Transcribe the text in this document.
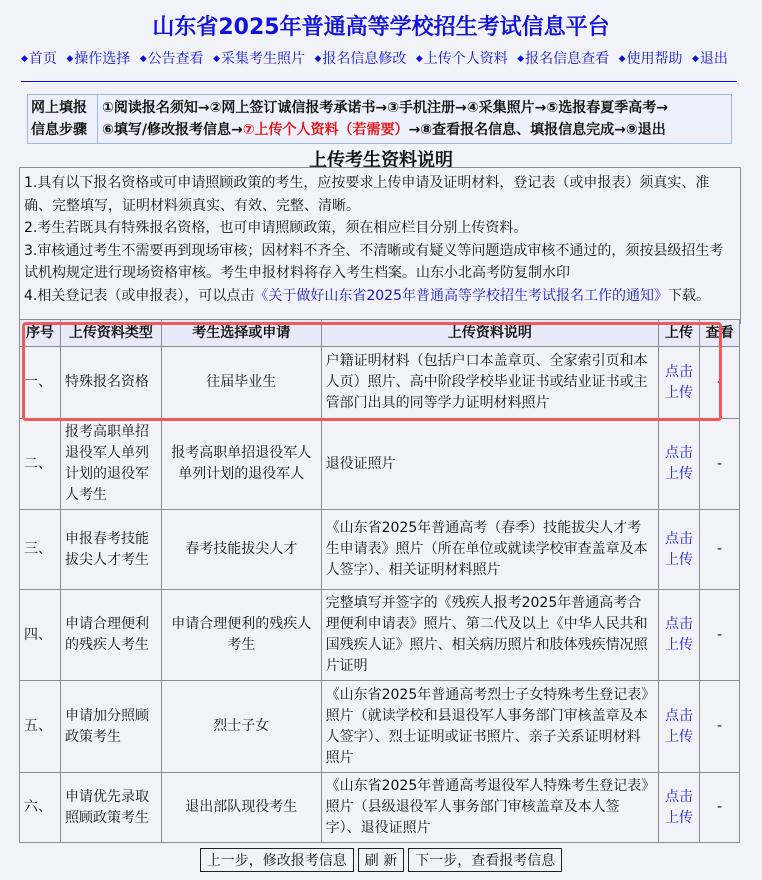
山东省2025年普通高等学校招生考试信息平台
◆首页 ◆操作选择 ◆公告查看 ◆采集考生照片 ◆报名信息修改 ◆上传个人资料 ◆报名信息查看 ◆使用帮助 ◆退出
网上填报
信息步骤
①阅读报名须知→②网上签订诚信报考承诺书→③手机注册→④采集照片→⑤选报春夏季高考→
⑥填写/修改报考信息→⑦上传个人资料（若需要）→⑧查看报名信息、填报信息完成→⑨退出
上传考生资料说明
1.具有以下报名资格或可申请照顾政策的考生，应按要求上传申请及证明材料，登记表（或申报表）须真实、准确、完整填写，证明材料须真实、有效、完整、清晰。
2.考生若既具有特殊报名资格，也可申请照顾政策，须在相应栏目分别上传资料。
3.审核通过考生不需要再到现场审核；因材料不齐全、不清晰或有疑义等问题造成审核不通过的，须按县级招生考试机构规定进行现场资格审核。考生申报材料将存入考生档案。山东小北高考防复制水印
4.相关登记表（或申报表），可以点击《关于做好山东省2025年普通高等学校招生考试报名工作的通知》下载。
序号	上传资料类型	考生选择或申请	上传资料说明	上传	查看
一、	特殊报名资格	往届毕业生	户籍证明材料（包括户口本盖章页、全家索引页和本人页）照片、高中阶段学校毕业证书或结业证书或主管部门出具的同等学力证明材料照片	点击上传	-
二、	报考高职单招退役军人单列计划的退役军人考生	报考高职单招退役军人单列计划的退役军人	退役证照片	点击上传	-
三、	申报春考技能拔尖人才考生	春考技能拔尖人才	《山东省2025年普通高考（春季）技能拔尖人才考生申请表》照片（所在单位或就读学校审查盖章及本人签字）、相关证明材料照片	点击上传	-
四、	申请合理便利的残疾人考生	申请合理便利的残疾人考生	完整填写并签字的《残疾人报考2025年普通高考合理便利申请表》照片、第二代及以上《中华人民共和国残疾人证》照片、相关病历照片和肢体残疾情况照片证明	点击上传	-
五、	申请加分照顾政策考生	烈士子女	《山东省2025年普通高考烈士子女特殊考生登记表》照片（就读学校和县退役军人事务部门审核盖章及本人签字）、烈士证明或证书照片、亲子关系证明材料照片	点击上传	-
六、	申请优先录取照顾政策考生	退出部队现役考生	《山东省2025年普通高考退役军人特殊考生登记表》照片（县级退役军人事务部门审核盖章及本人签字）、退役证照片	点击上传	-
上一步，修改报考信息 刷 新 下一步，查看报考信息
